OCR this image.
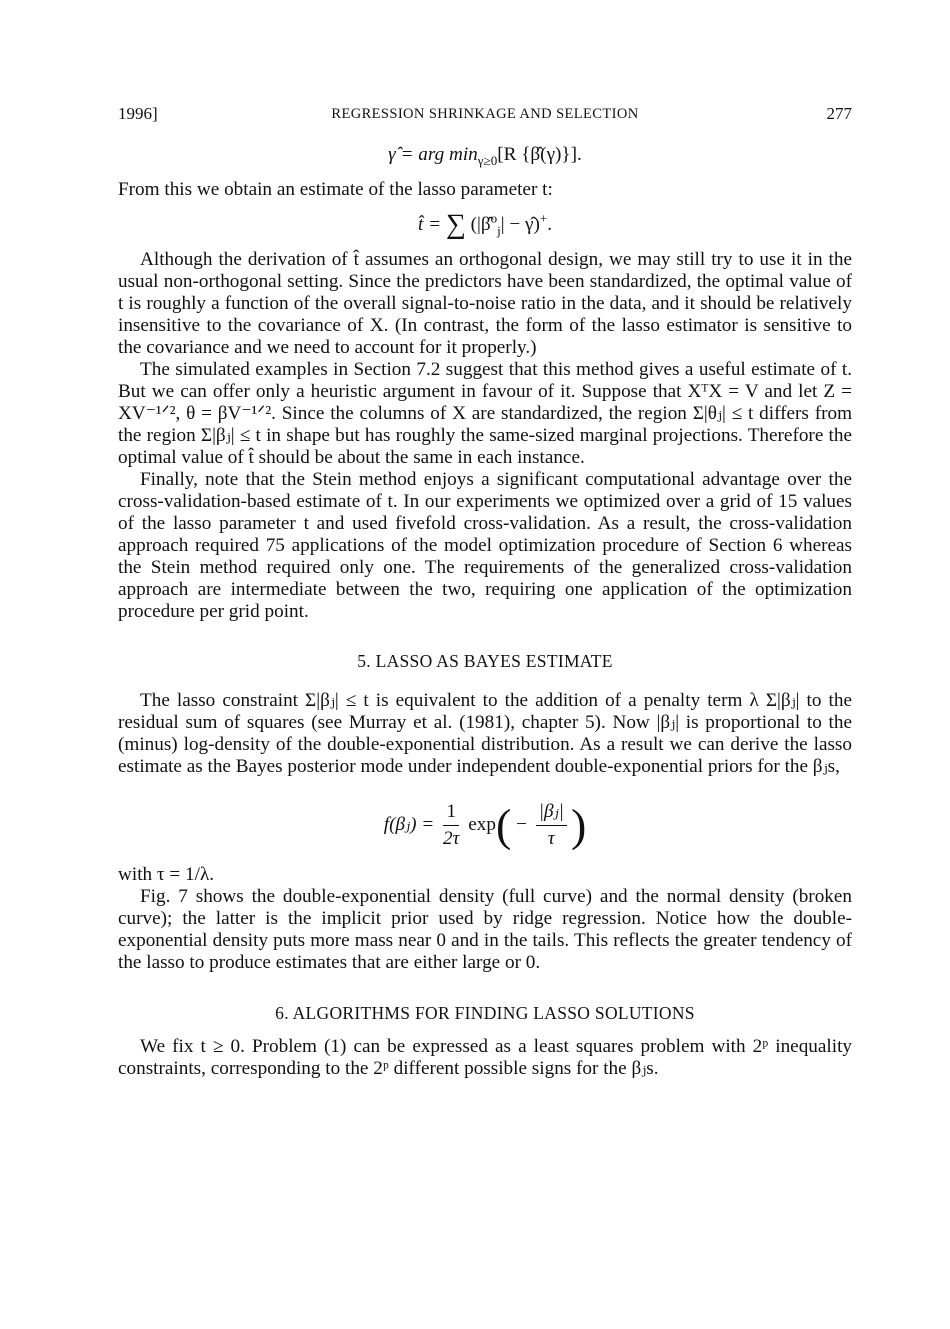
1996]	REGRESSION SHRINKAGE AND SELECTION	277

γ̂ = arg $\min_{\gamma\ge 0}[R$ {β̂(γ)}].

From this we obtain an estimate of the lasso parameter t:

t̂ = ∑ (|β̂$^o_j$| − γ̂)+.

Although the derivation of t̂ assumes an orthogonal design, we may still try to use it in the usual non-orthogonal setting. Since the predictors have been standardized, the optimal value of t is roughly a function of the overall signal-to-noise ratio in the data, and it should be relatively insensitive to the covariance of X. (In contrast, the form of the lasso estimator is sensitive to the covariance and we need to account for it properly.)

The simulated examples in Section 7.2 suggest that this method gives a useful estimate of t. But we can offer only a heuristic argument in favour of it. Suppose that XᵀX = V and let Z = XV⁻¹ᐟ², θ = βV⁻¹ᐟ². Since the columns of X are standardized, the region Σ|θⱼ| ≤ t differs from the region Σ|βⱼ| ≤ t in shape but has roughly the same-sized marginal projections. Therefore the optimal value of t̂ should be about the same in each instance.

Finally, note that the Stein method enjoys a significant computational advantage over the cross-validation-based estimate of t. In our experiments we optimized over a grid of 15 values of the lasso parameter t and used fivefold cross-validation. As a result, the cross-validation approach required 75 applications of the model optimization procedure of Section 6 whereas the Stein method required only one. The requirements of the generalized cross-validation approach are intermediate between the two, requiring one application of the optimization procedure per grid point.

5. LASSO AS BAYES ESTIMATE

The lasso constraint Σ|βⱼ| ≤ t is equivalent to the addition of a penalty term λ Σ|βⱼ| to the residual sum of squares (see Murray et al. (1981), chapter 5). Now |βⱼ| is proportional to the (minus) log-density of the double-exponential distribution. As a result we can derive the lasso estimate as the Bayes posterior mode under independent double-exponential priors for the βⱼs,

f(βⱼ) = $\frac{1}{2\tau} \exp( - \frac{\text{|βⱼ|}}{\tau}$ )

with τ = 1/λ.

Fig. 7 shows the double-exponential density (full curve) and the normal density (broken curve); the latter is the implicit prior used by ridge regression. Notice how the double-exponential density puts more mass near 0 and in the tails. This reflects the greater tendency of the lasso to produce estimates that are either large or 0.

6. ALGORITHMS FOR FINDING LASSO SOLUTIONS

We fix t ≥ 0. Problem (1) can be expressed as a least squares problem with 2ᵖ inequality constraints, corresponding to the 2ᵖ different possible signs for the βⱼs.
